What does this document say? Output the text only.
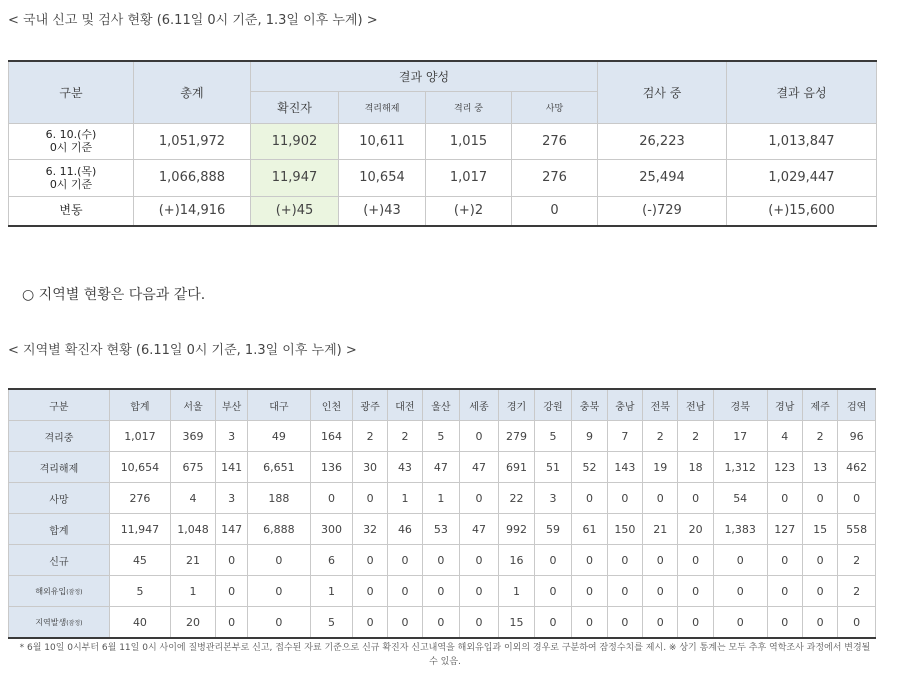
< 국내 신고 및 검사 현황 (6.11일 0시 기준, 1.3일 이후 누계) >
구분	총계	결과 양성				검사 중	결과 음성
		확진자	격리해제	격리 중	사망		
6. 10.(수)
0시 기준	1,051,972	11,902	10,611	1,015	276	26,223	1,013,847
6. 11.(목)
0시 기준	1,066,888	11,947	10,654	1,017	276	25,494	1,029,447
변동	(+)14,916	(+)45	(+)43	(+)2	0	(-)729	(+)15,600
○ 지역별 현황은 다음과 같다.
< 지역별 확진자 현황 (6.11일 0시 기준, 1.3일 이후 누계) >
구분	합계	서울	부산	대구	인천	광주	대전	울산	세종	경기	강원	충북	충남	전북	전남	경북	경남	제주	검역
격리중	1,017	369	3	49	164	2	2	5	0	279	5	9	7	2	2	17	4	2	96
격리해제	10,654	675	141	6,651	136	30	43	47	47	691	51	52	143	19	18	1,312	123	13	462
사망	276	4	3	188	0	0	1	1	0	22	3	0	0	0	0	54	0	0	0
합계	11,947	1,048	147	6,888	300	32	46	53	47	992	59	61	150	21	20	1,383	127	15	558
신규	45	21	0	0	6	0	0	0	0	16	0	0	0	0	0	0	0	0	2
해외유입(잠정)	5	1	0	0	1	0	0	0	0	1	0	0	0	0	0	0	0	0	2
지역발생(잠정)	40	20	0	0	5	0	0	0	0	15	0	0	0	0	0	0	0	0	0
* 6월 10일 0시부터 6월 11일 0시 사이에 질병관리본부로 신고, 접수된 자료 기준으로 신규 확진자 신고내역을 해외유입과 이외의 경우로 구분하여 잠정수치를 제시. ※ 상기 통계는 모두 추후 역학조사 과정에서 변경될 수 있음.
